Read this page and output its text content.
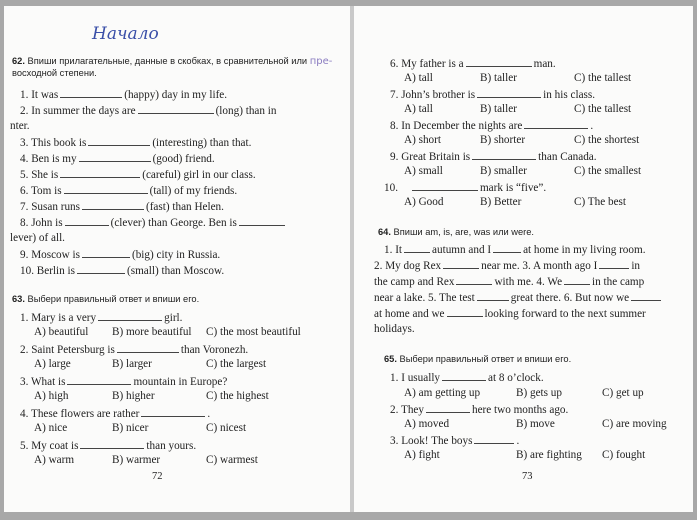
Начало
62. Впиши прилагательные, данные в скобках, в сравнительной или пре-
восходной степени.
1. It was	(happy) day in my life.
2. In summer the days are	(long) than in
nter.
3. This book is	(interesting) than that.
4. Ben is my	(good) friend.
5. She is	(careful) girl in our class.
6. Tom is	(tall) of my friends.
7. Susan runs	(fast) than Helen.
8. John is	(clever) than George. Ben is
lever) of all.
9. Moscow is	(big) city in Russia.
10. Berlin is	(small) than Moscow.
63. Выбери правильный ответ и впиши его.
1. Mary is a very	girl.
A) beautiful B) more beautiful C) the most beautiful
2. Saint Petersburg is	than Voronezh.
A) large	B) larger	C) the largest
3. What is	mountain in Europe?
A) high	B) higher	C) the highest
4. These flowers are rather	.
A) nice	B) nicer	C) nicest
5. My coat is	than yours.
A) warm	B) warmer	C) warmest
72
6. My father is a	man.
A) tall	B) taller	C) the tallest
7. John’s brother is	in his class.
A) tall	B) taller	C) the tallest
8. In December the nights are	.
A) short	B) shorter	C) the shortest
9. Great Britain is	than Canada.
A) small	B) smaller	C) the smallest
10.	mark is “five”.
A) Good	B) Better	C) The best
64. Впиши am, is, are, was или were.
1. It	autumn and I	at home in my living room.
2. My dog Rex	near me. 3. A month ago I	in
the camp and Rex	with me. 4. We	in the camp
near a lake. 5. The test	great there. 6. But now we
at home and we	looking forward to the next summer
holidays.
65. Выбери правильный ответ и впиши его.
1. I usually	at 8 o’clock.
A) am getting up	B) gets up	C) get up
2. They	here two months ago.
A) moved	B) move	C) are moving
3. Look! The boys	.
A) fight	B) are fighting C) fought
73
